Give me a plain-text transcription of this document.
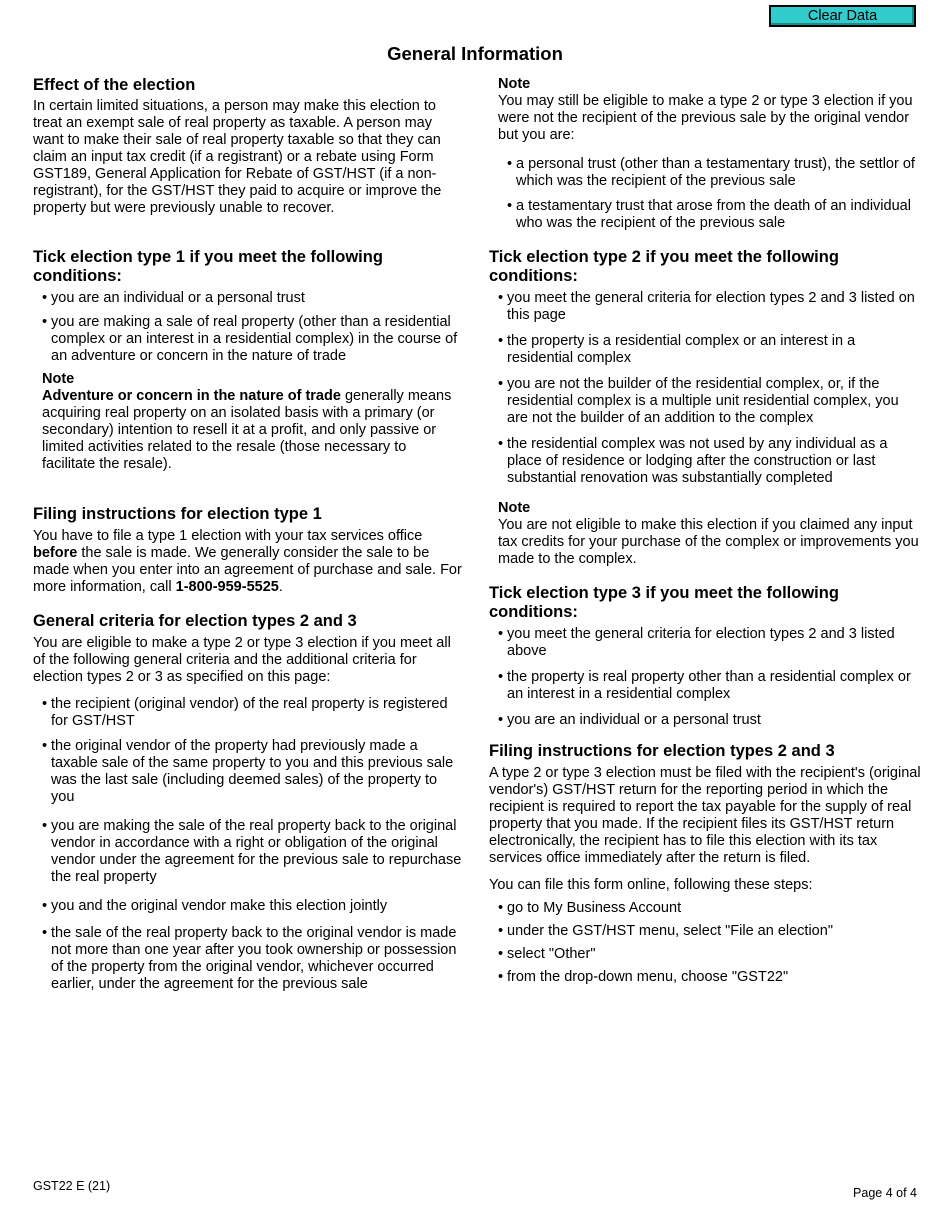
Clear Data
General Information
Effect of the election

In certain limited situations, a person may make this election to treat an exempt sale of real property as taxable. A person may want to make their sale of real property taxable so that they can claim an input tax credit (if a registrant) or a rebate using Form GST189, General Application for Rebate of GST/HST (if a non-registrant), for the GST/HST they paid to acquire or improve the property but were previously unable to recover.

Tick election type 1 if you meet the following conditions:
• you are an individual or a personal trust
• you are making a sale of real property (other than a residential complex or an interest in a residential complex) in the course of an adventure or concern in the nature of trade
Note

Adventure or concern in the nature of trade generally means acquiring real property on an isolated basis with a primary (or secondary) intention to resell it at a profit, and only passive or limited activities related to the resale (those necessary to facilitate the resale).

Filing instructions for election type 1

You have to file a type 1 election with your tax services office before the sale is made. We generally consider the sale to be made when you enter into an agreement of purchase and sale. For more information, call 1-800-959-5525.

General criteria for election types 2 and 3

You are eligible to make a type 2 or type 3 election if you meet all of the following general criteria and the additional criteria for election types 2 or 3 as specified on this page:

• the recipient (original vendor) of the real property is registered for GST/HST
• the original vendor of the property had previously made a taxable sale of the same property to you and this previous sale was the last sale (including deemed sales) of the property to you
• you are making the sale of the real property back to the original vendor in accordance with a right or obligation of the original vendor under the agreement for the previous sale to repurchase the real property
• you and the original vendor make this election jointly
• the sale of the real property back to the original vendor is made not more than one year after you took ownership or possession of the property from the original vendor, whichever occurred earlier, under the agreement for the previous sale
Note

You may still be eligible to make a type 2 or type 3 election if you were not the recipient of the previous sale by the original vendor but you are:

• a personal trust (other than a testamentary trust), the settlor of which was the recipient of the previous sale
• a testamentary trust that arose from the death of an individual who was the recipient of the previous sale
Tick election type 2 if you meet the following conditions:
• you meet the general criteria for election types 2 and 3 listed on this page
• the property is a residential complex or an interest in a residential complex
• you are not the builder of the residential complex, or, if the residential complex is a multiple unit residential complex, you are not the builder of an addition to the complex
• the residential complex was not used by any individual as a place of residence or lodging after the construction or last substantial renovation was substantially completed
Note

You are not eligible to make this election if you claimed any input tax credits for your purchase of the complex or improvements you made to the complex.

Tick election type 3 if you meet the following conditions:
• you meet the general criteria for election types 2 and 3 listed above
• the property is real property other than a residential complex or an interest in a residential complex
• you are an individual or a personal trust
Filing instructions for election types 2 and 3

A type 2 or type 3 election must be filed with the recipient's (original vendor's) GST/HST return for the reporting period in which the recipient is required to report the tax payable for the supply of real property that you made. If the recipient files its GST/HST return electronically, the recipient has to file this election with its tax services office immediately after the return is filed.

You can file this form online, following these steps:

• go to My Business Account
• under the GST/HST menu, select "File an election"
• select "Other"
• from the drop-down menu, choose "GST22"
GST22 E (21)	Page 4 of 4
